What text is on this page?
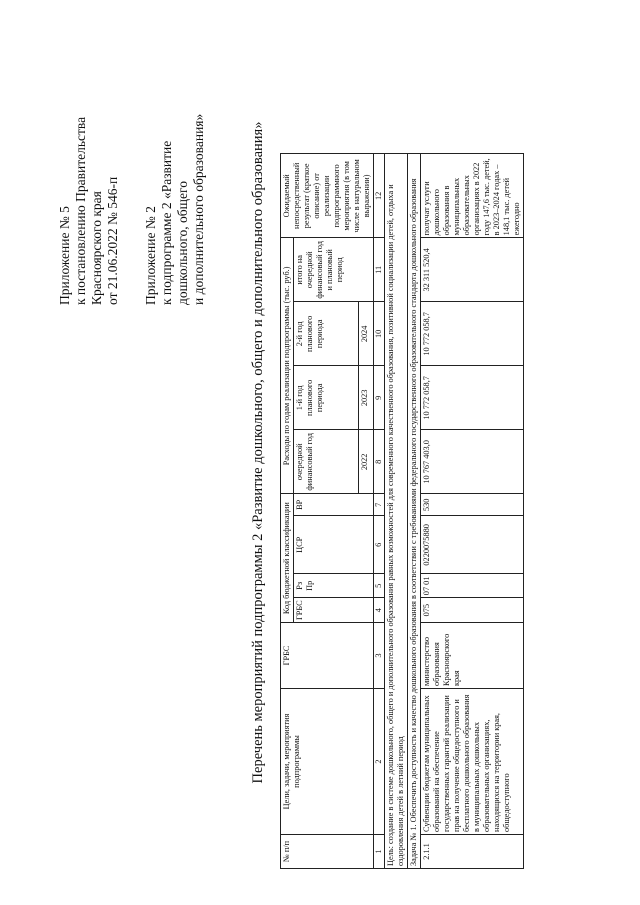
Приложение № 5 к постановлению Правительства Красноярского края от 21.06.2022 № 546-п Приложение № 2 к подпрограмме 2 «Развитие дошкольного, общего и дополнительного образования»	Перечень мероприятий подпрограммы 2 «Развитие дошкольного, общего и дополнительного образования»
№ п/п	Цели, задачи, мероприятия подпрограммы	ГРБС	Код бюджетной классификации				Расходы по годам реализации подпрограммы (тыс. руб.)				Ожидаемый непосредственный результат (краткое описание) от реализации подпрограммного мероприятия (в том числе в натуральном выражении)
			ГРБС	Рз Пр	ЦСР	ВР	очередной финансовый год	1-й год планового периода	2-й год планового периода	итого на очередной финансовый год и плановый период	
							2022	2023	2024		
1	2	3	4	5	6	7	8	9	10	11	12
Цель: создание в системе дошкольного, общего и дополнительного образования равных возможностей для современного качественного образования, позитивной социализации детей, отдыха и оздоровления детей в летний период											
Задача № 1. Обеспечить доступность и качество дошкольного образования в соответствии с требованиями федерального государственного образовательного стандарта дошкольного образования											
2.1.1	Субвенции бюджетам муниципальных образований на обеспечение государственных гарантий реализации прав на получение общедоступного и бесплатного дошкольного образования в муниципальных дошкольных образовательных организациях, находящихся на территории края, общедоступного	министерство образования Красноярского края	075	07 01	0220075880	530	10 767 403,0	10 772 058,7	10 772 058,7	32 311 520,4	получат услуги дошкольного образования в муниципальных образовательных организациях в 2022 году 147,6 тыс. детей, в 2023–2024 годах – 148,1 тыс. детей ежегодно
